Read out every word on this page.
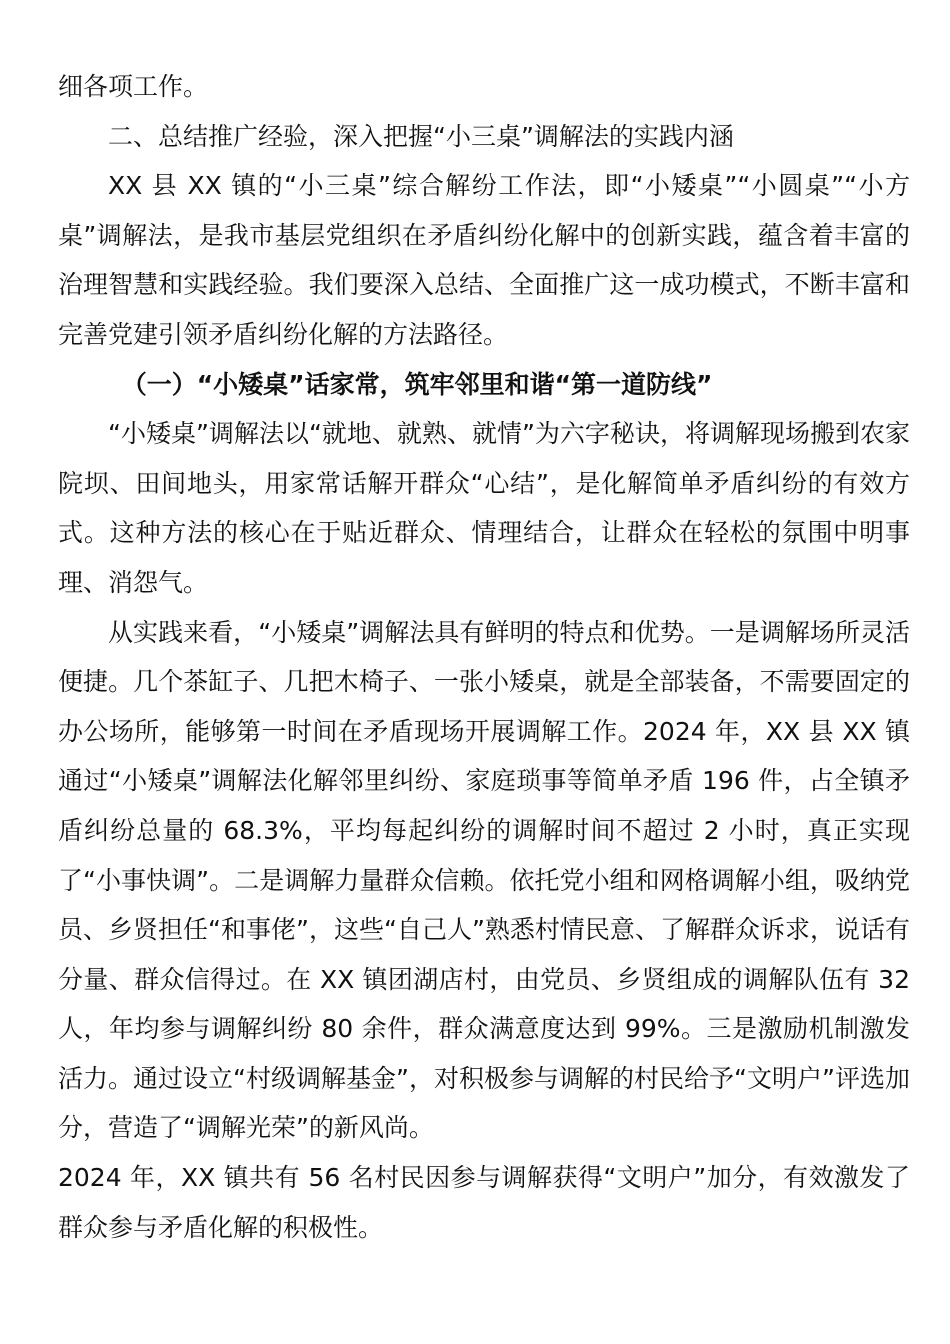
细各项工作。

二、总结推广经验，深入把握“小三桌”调解法的实践内涵

XX 县 XX 镇的“小三桌”综合解纷工作法，即“小矮桌”“小圆桌”“小方桌”调解法，是我市基层党组织在矛盾纠纷化解中的创新实践，蕴含着丰富的治理智慧和实践经验。我们要深入总结、全面推广这一成功模式，不断丰富和完善党建引领矛盾纠纷化解的方法路径。

（一）“小矮桌”话家常，筑牢邻里和谐“第一道防线”

“小矮桌”调解法以“就地、就熟、就情”为六字秘诀，将调解现场搬到农家院坝、田间地头，用家常话解开群众“心结”，是化解简单矛盾纠纷的有效方式。这种方法的核心在于贴近群众、情理结合，让群众在轻松的氛围中明事理、消怨气。

从实践来看，“小矮桌”调解法具有鲜明的特点和优势。一是调解场所灵活便捷。几个茶缸子、几把木椅子、一张小矮桌，就是全部装备，不需要固定的办公场所，能够第一时间在矛盾现场开展调解工作。2024 年，XX 县 XX 镇通过“小矮桌”调解法化解邻里纠纷、家庭琐事等简单矛盾 196 件，占全镇矛盾纠纷总量的 68.3%，平均每起纠纷的调解时间不超过 2 小时，真正实现了“小事快调”。二是调解力量群众信赖。依托党小组和网格调解小组，吸纳党员、乡贤担任“和事佬”，这些“自己人”熟悉村情民意、了解群众诉求，说话有分量、群众信得过。在 XX 镇团湖店村，由党员、乡贤组成的调解队伍有 32 人，年均参与调解纠纷 80 余件，群众满意度达到 99%。三是激励机制激发活力。通过设立“村级调解基金”，对积极参与调解的村民给予“文明户”评选加分，营造了“调解光荣”的新风尚。

2024 年，XX 镇共有 56 名村民因参与调解获得“文明户”加分，有效激发了群众参与矛盾化解的积极性。
